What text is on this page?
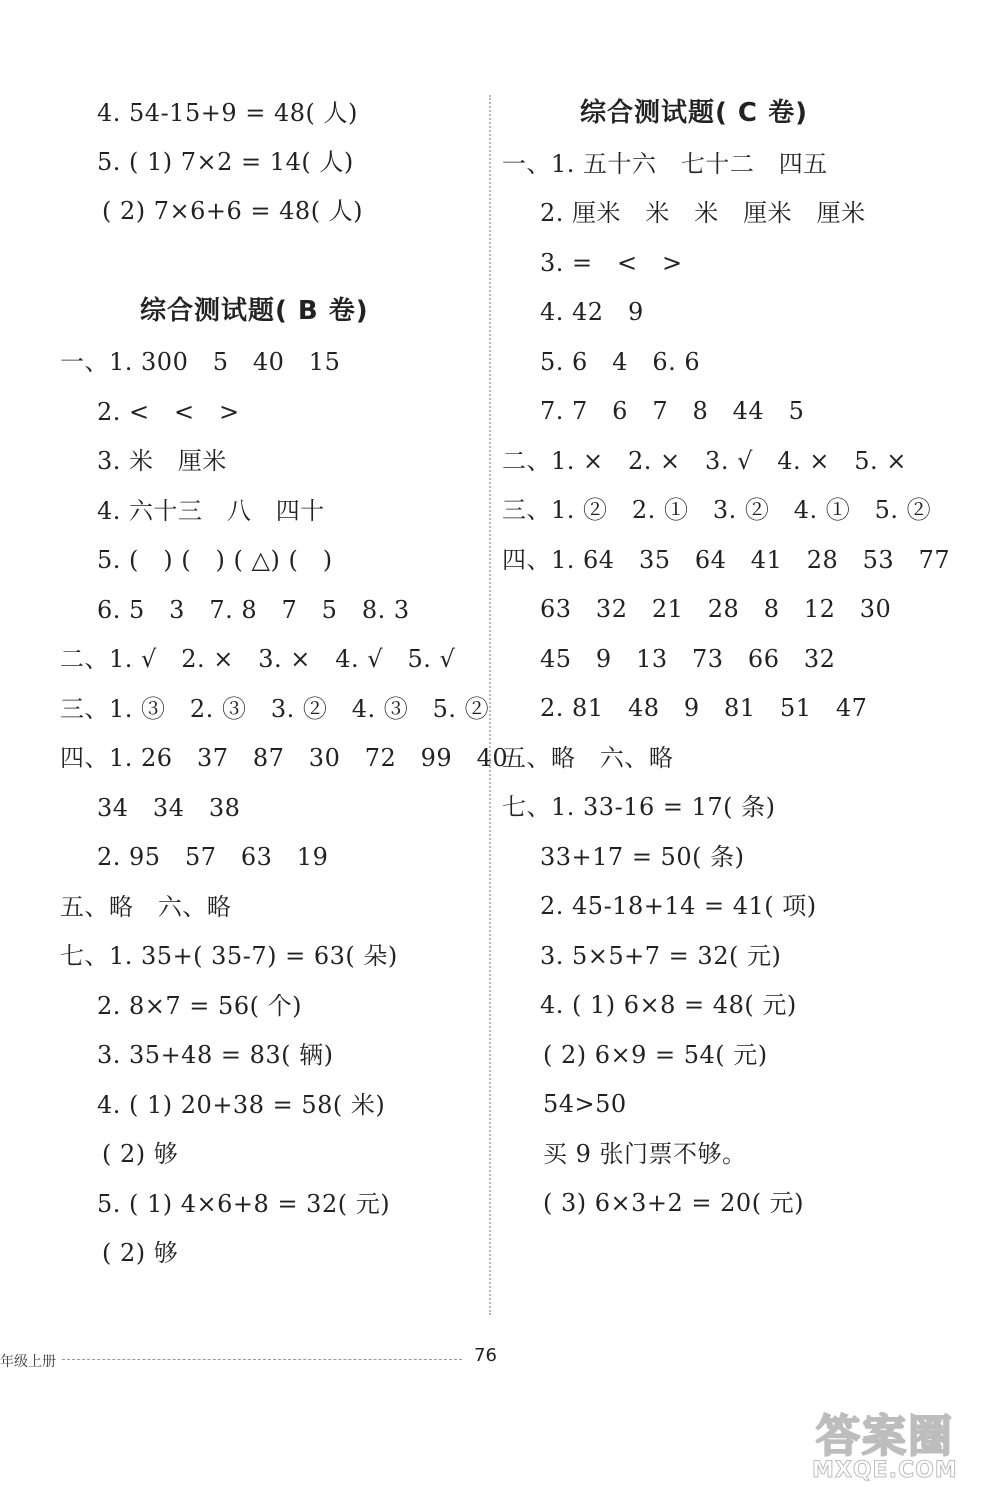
4. 54-15+9 = 48( 人)
5. ( 1) 7×2 = 14( 人)
( 2) 7×6+6 = 48( 人)
综合测试题( B 卷)
一、1. 300   5   40   15
2. <   <   >
3. 米   厘米
4. 六十三   八   四十
5. (   ) (   ) ( △) (   )
6. 5   3   7. 8   7   5   8. 3
二、1. √   2. ×   3. ×   4. √   5. √
三、1. ③   2. ③   3. ②   4. ③   5. ②
四、1. 26   37   87   30   72   99   40
34   34   38
2. 95   57   63   19
五、略   六、略
七、1. 35+( 35-7) = 63( 朵)
2. 8×7 = 56( 个)
3. 35+48 = 83( 辆)
4. ( 1) 20+38 = 58( 米)
( 2) 够
5. ( 1) 4×6+8 = 32( 元)
( 2) 够
综合测试题( C 卷)
一、1. 五十六   七十二   四五
2. 厘米   米   米   厘米   厘米
3. =   <   >
4. 42   9
5. 6   4   6. 6
7. 7   6   7   8   44   5
二、1. ×   2. ×   3. √   4. ×   5. ×
三、1. ②   2. ①   3. ②   4. ①   5. ②
四、1. 64   35   64   41   28   53   77
63   32   21   28   8   12   30
45   9   13   73   66   32
2. 81   48   9   81   51   47
五、略   六、略
七、1. 33-16 = 17( 条)
33+17 = 50( 条)
2. 45-18+14 = 41( 项)
3. 5×5+7 = 32( 元)
4. ( 1) 6×8 = 48( 元)
( 2) 6×9 = 54( 元)
54>50
买 9 张门票不够。
( 3) 6×3+2 = 20( 元)
年级上册	76
答案圈
MXQE.COM
